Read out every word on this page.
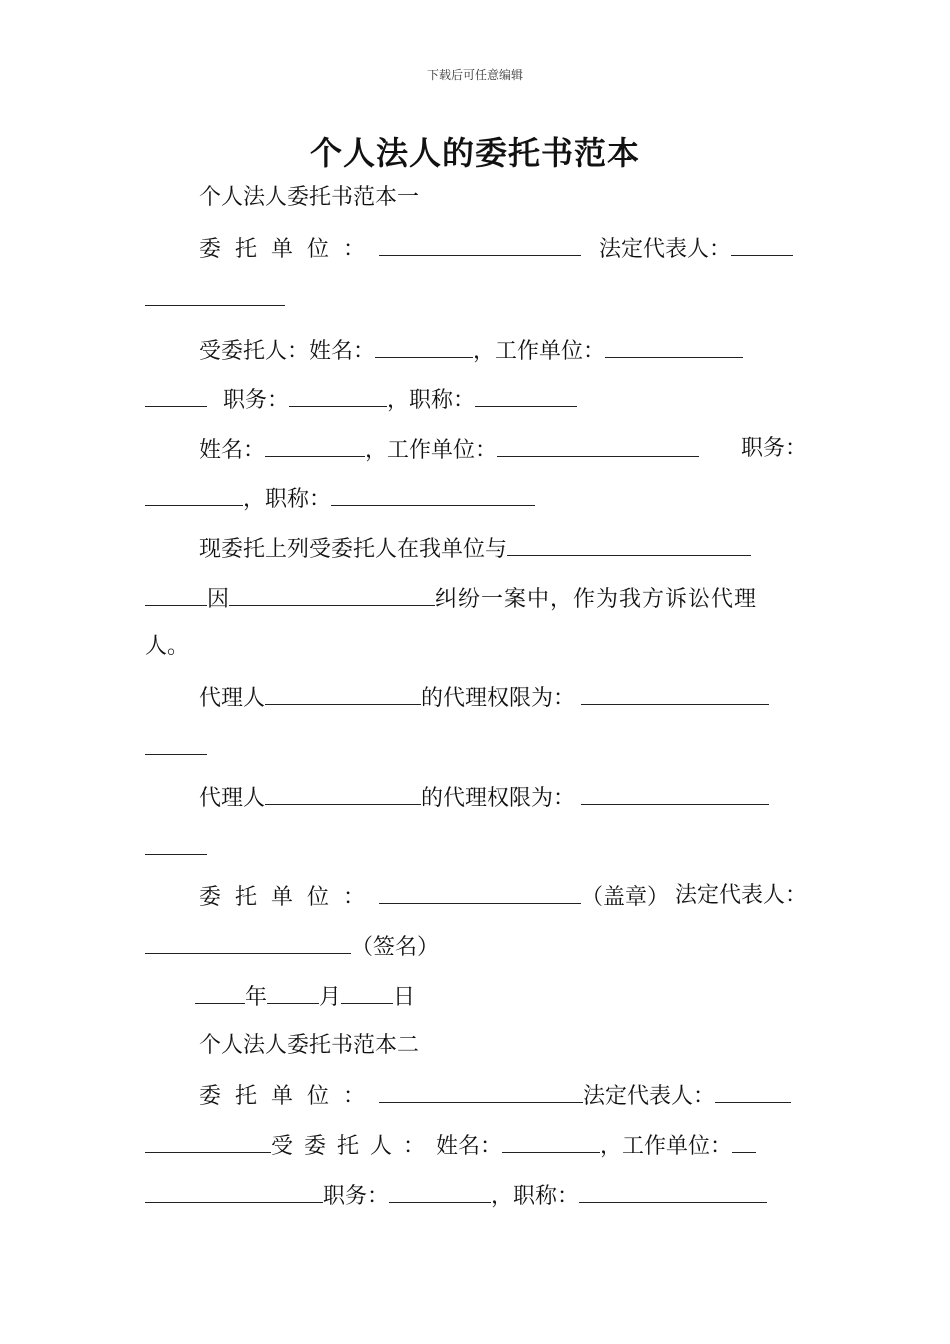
下载后可任意编辑
个人法人的委托书范本
个人法人委托书范本一
委托单位：	法定代表人：
受委托人：姓名：	，工作单位：
职务：	，职称：
姓名：	，工作单位：	职务：
，职称：
现委托上列受委托人在我单位与
因	纠纷一案中，作为我方诉讼代理
人。
代理人	的代理权限为：
代理人	的代理权限为：
委托单位：	（盖章） 法定代表人：
（签名）
年 月 日
个人法人委托书范本二
委托单位：	法定代表人：
受委托人：姓名：	，工作单位：
职务：	，职称：
